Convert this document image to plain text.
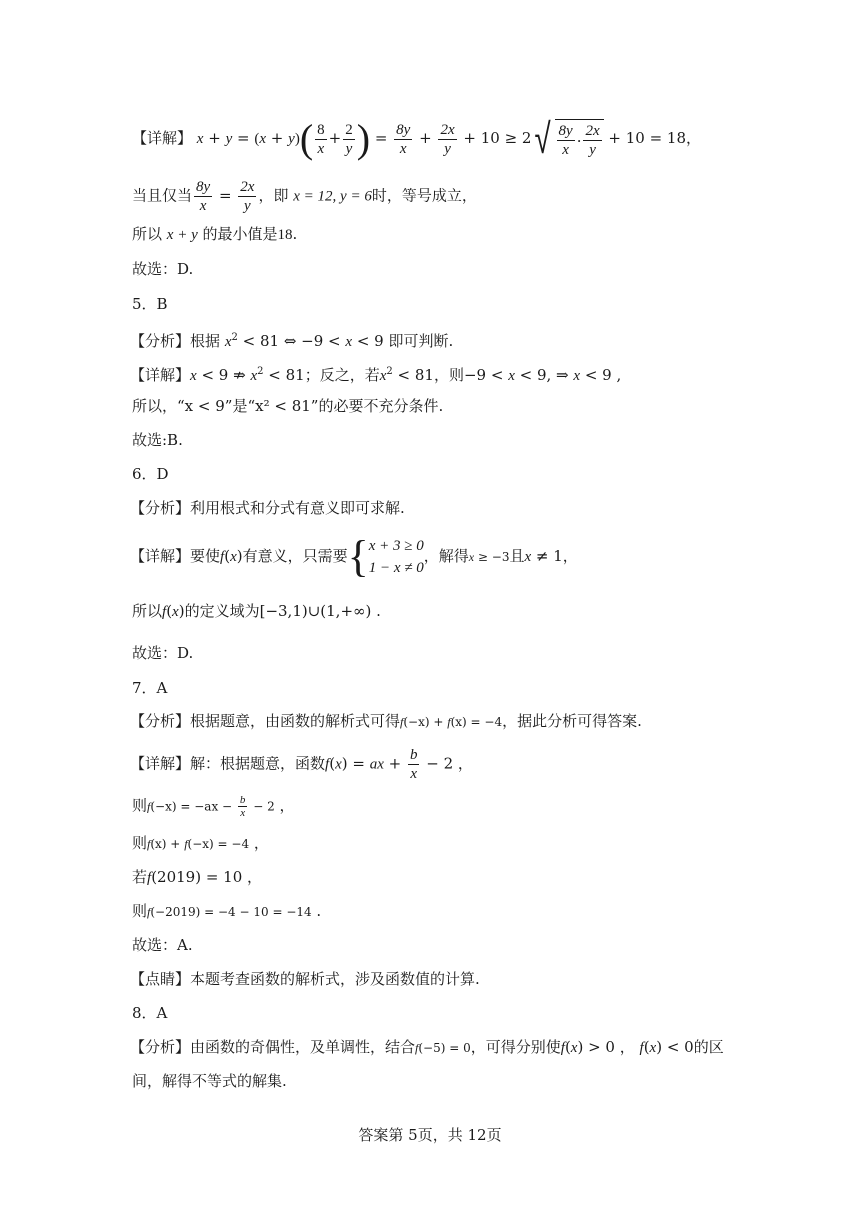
【详解】 $x + y = (x + y)( \frac{8}{x} + \frac{2}{y}$ ) = $\frac{8y}{x} + \frac{2x}{y} + 10 \ge 2$ √ $\frac{8y}{x} \cdot \frac{2x}{y} + 10 = 18$，
当且仅当 $\frac{8y}{x} = \frac{2x}{y}$ ，即 x = 12, y = 6时，等号成立，
所以 x + y 的最小值是18.
故选：D.
5．B
【分析】根据 $x^2 < 81$ ⇔ −9 < x < 9 即可判断.
【详解】x < 9 ⇏ $x^2 < 81$；反之，若$x^2 < 81$，则−9 < x < 9, ⇒ x < 9 ,
所以，“x < 9”是“x² < 81”的必要不充分条件.
故选:B.
6．D
【分析】利用根式和分式有意义即可求解.
【详解】要使f(x)有意义，只需要 { x + 3 ≥ 0
1 − x ≠ 0
，解得x ≥ −3且x ≠ 1，
所以f(x)的定义域为[−3,1)∪(1,+∞) .
故选：D.
7．A
【分析】根据题意，由函数的解析式可得f(−x) + f(x) = −4，据此分析可得答案.
【详解】解：根据题意，函数f(x) = ax + $\frac{b}{x} - 2$ ，
则$f(-x) = -ax - \frac{b}{x} - 2$ ，
则f(x) + f(−x) = −4 ，
若f(2019) = 10 ，
则f(−2019) = −4 − 10 = −14 .
故选：A.
【点睛】本题考查函数的解析式，涉及函数值的计算.
8．A
【分析】由函数的奇偶性，及单调性，结合f(−5) = 0，可得分别使f(x) > 0 ， f(x) < 0的区
间，解得不等式的解集.
答案第 5页，共 12页
